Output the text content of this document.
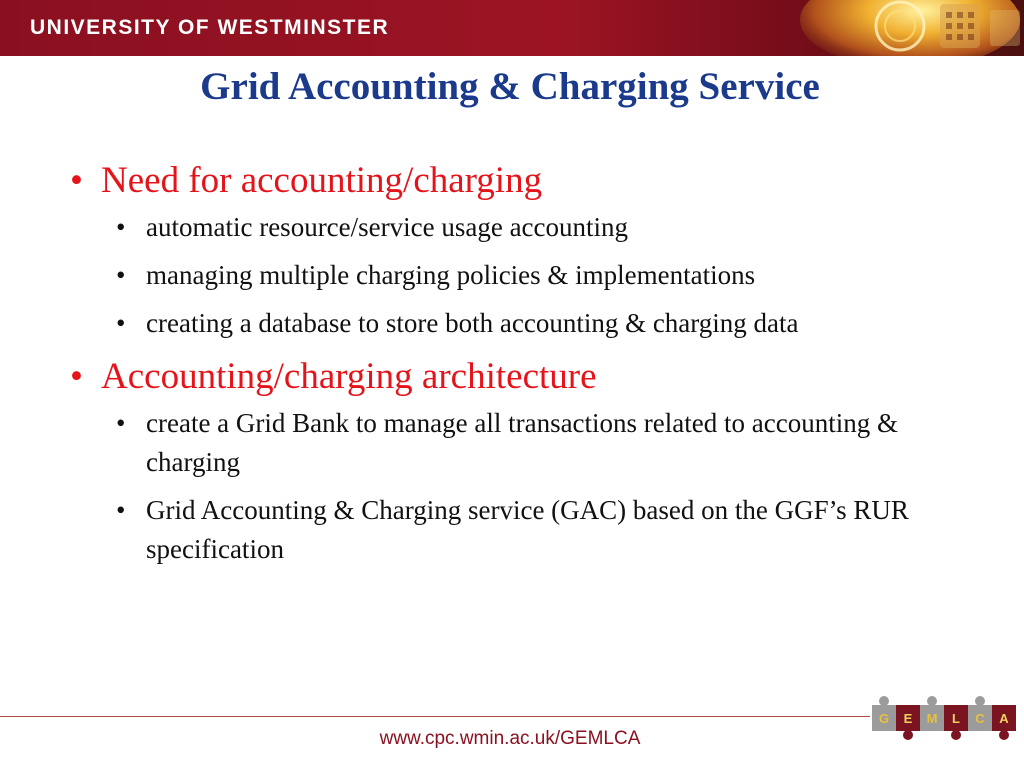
UNIVERSITY OF WESTMINSTER
Grid Accounting & Charging Service
• Need for accounting/charging
• automatic resource/service usage accounting
• managing multiple charging policies & implementations
• creating a database to store both accounting & charging data
• Accounting/charging architecture
• create a Grid Bank to manage all transactions related to accounting & charging
• Grid Accounting & Charging service (GAC) based on the GGF’s RUR specification
www.cpc.wmin.ac.uk/GEMLCA
G E M L C A
